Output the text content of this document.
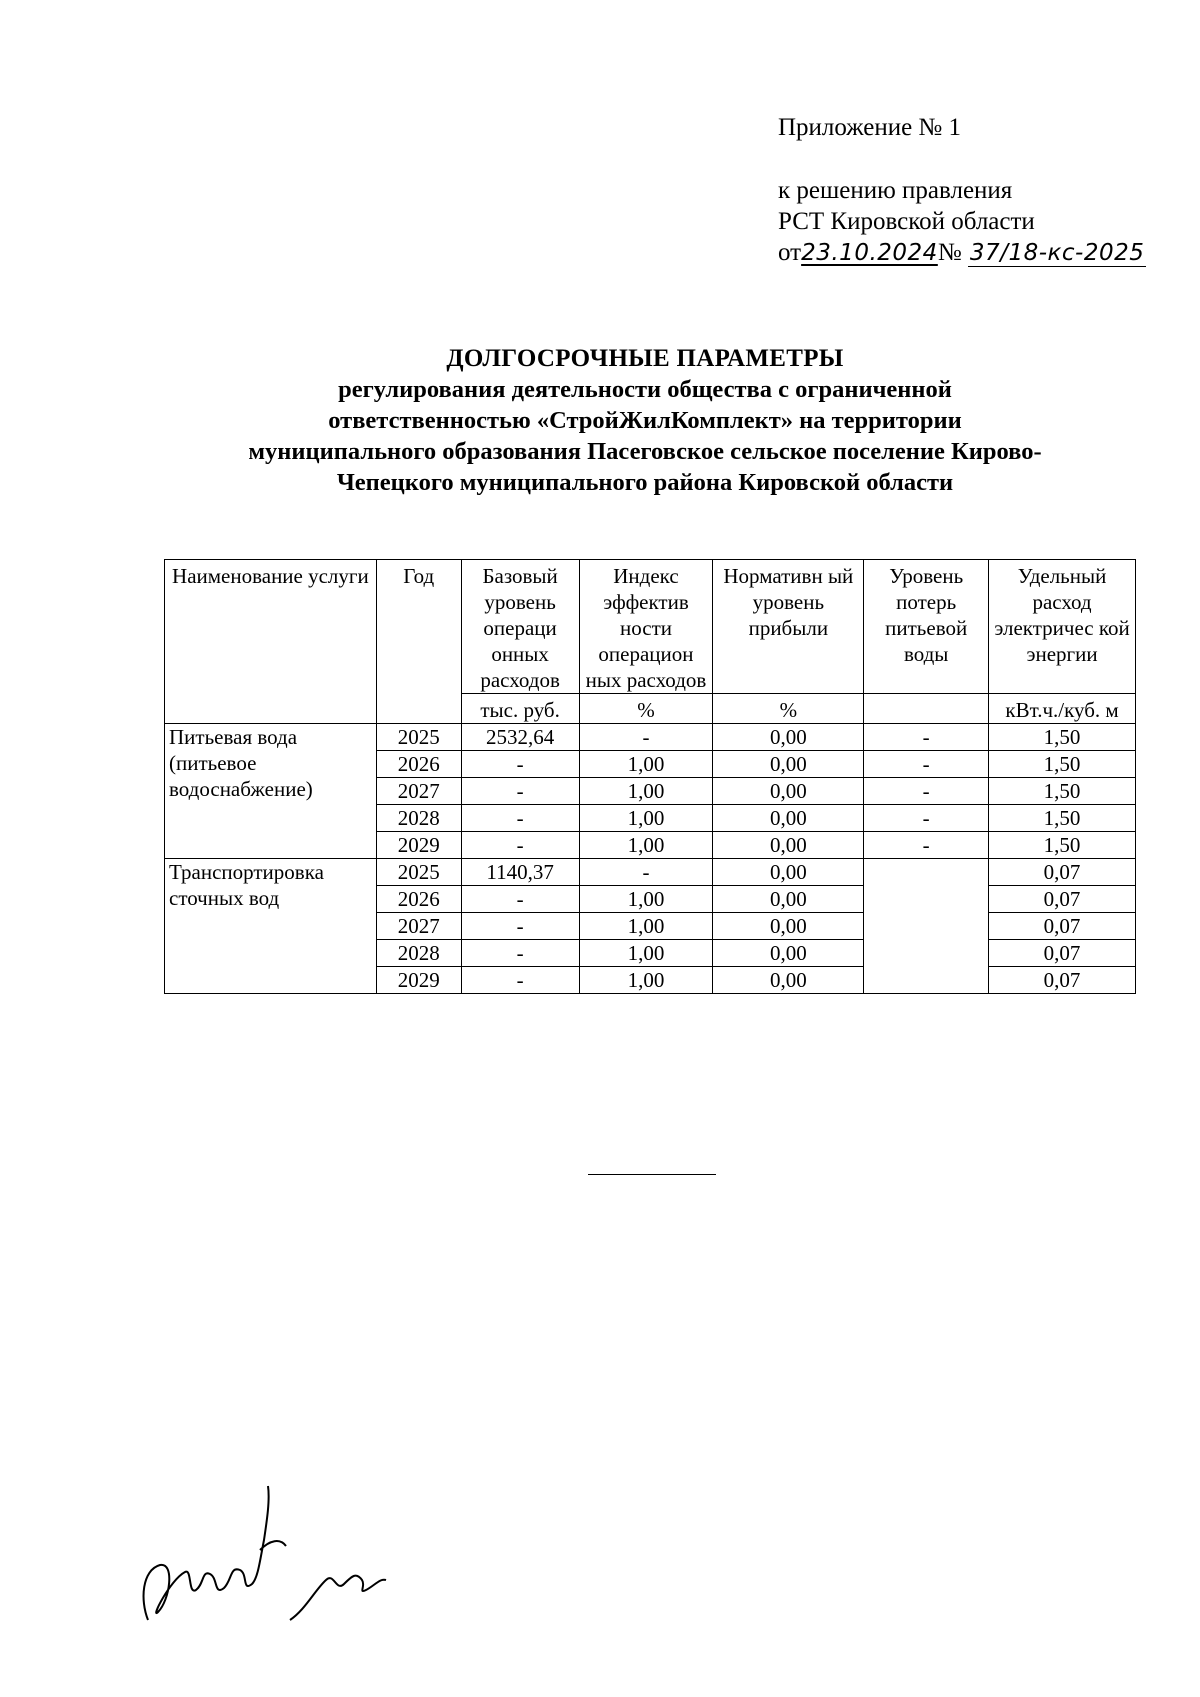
Приложение № 1
к решению правления
РСТ Кировской области
от23.10.2024№ 37/18-кс-2025
ДОЛГОСРОЧНЫЕ ПАРАМЕТРЫ
регулирования деятельности общества с ограниченной
ответственностью «СтройЖилКомплект» на территории
муниципального образования Пасеговское сельское поселение Кирово-
Чепецкого муниципального района Кировской области
Наименование услуги	Год	Базовый уровень операци онных расходов	Индекс эффектив ности операцион ных расходов	Нормативн ый уровень прибыли	Уровень потерь питьевой воды	Удельный расход электричес кой энергии
		тыс. руб.	%	%		кВт.ч./куб. м
Питьевая вода (питьевое водоснабжение)	2025	2532,64	-	0,00	-	1,50
	2026	-	1,00	0,00	-	1,50
	2027	-	1,00	0,00	-	1,50
	2028	-	1,00	0,00	-	1,50
	2029	-	1,00	0,00	-	1,50
Транспортировка сточных вод	2025	1140,37	-	0,00		0,07
	2026	-	1,00	0,00		0,07
	2027	-	1,00	0,00		0,07
	2028	-	1,00	0,00		0,07
	2029	-	1,00	0,00		0,07
